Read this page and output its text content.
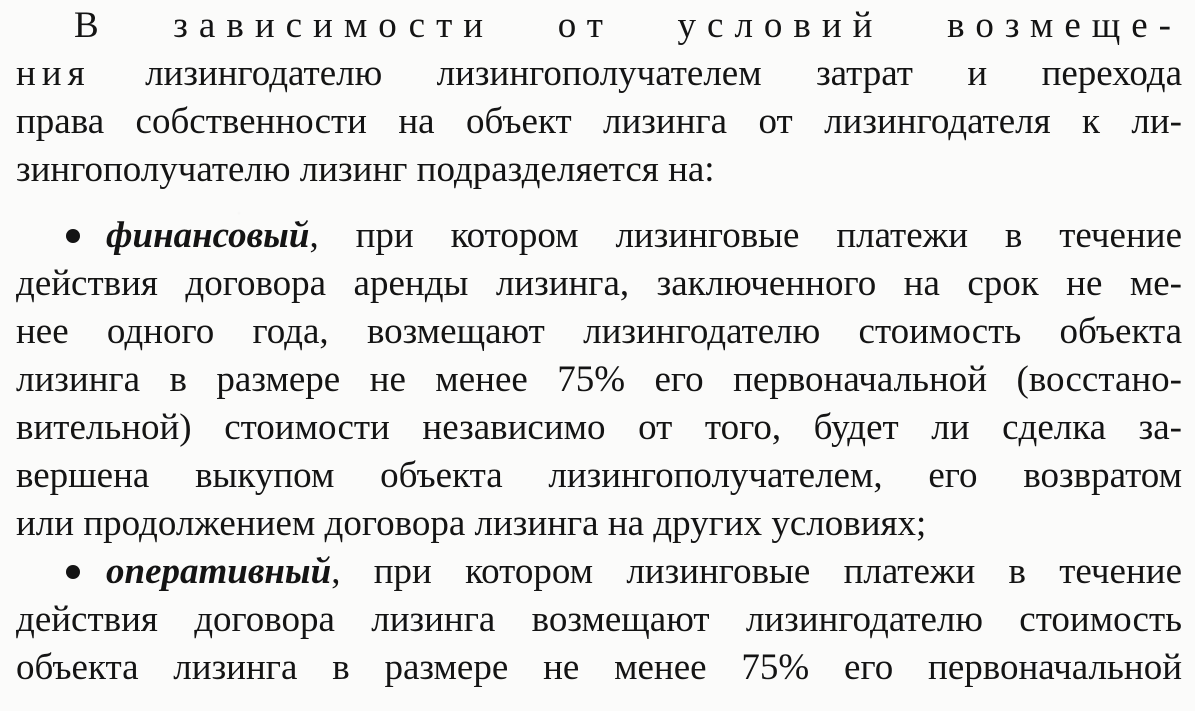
В зависимости от условий возмеще-
ния лизингодателю лизингополучателем затрат и перехода
права собственности на объект лизинга от лизингодателя к ли-
зингополучателю лизинг подразделяется на:
финансовый, при котором лизинговые платежи в течение
действия договора аренды лизинга, заключенного на срок не ме-
нее одного года, возмещают лизингодателю стоимость объекта
лизинга в размере не менее 75% его первоначальной (восстано-
вительной) стоимости независимо от того, будет ли сделка за-
вершена выкупом объекта лизингополучателем, его возвратом
или продолжением договора лизинга на других условиях;
оперативный, при котором лизинговые платежи в течение
действия договора лизинга возмещают лизингодателю стоимость
объекта лизинга в размере не менее 75% его первоначальной
